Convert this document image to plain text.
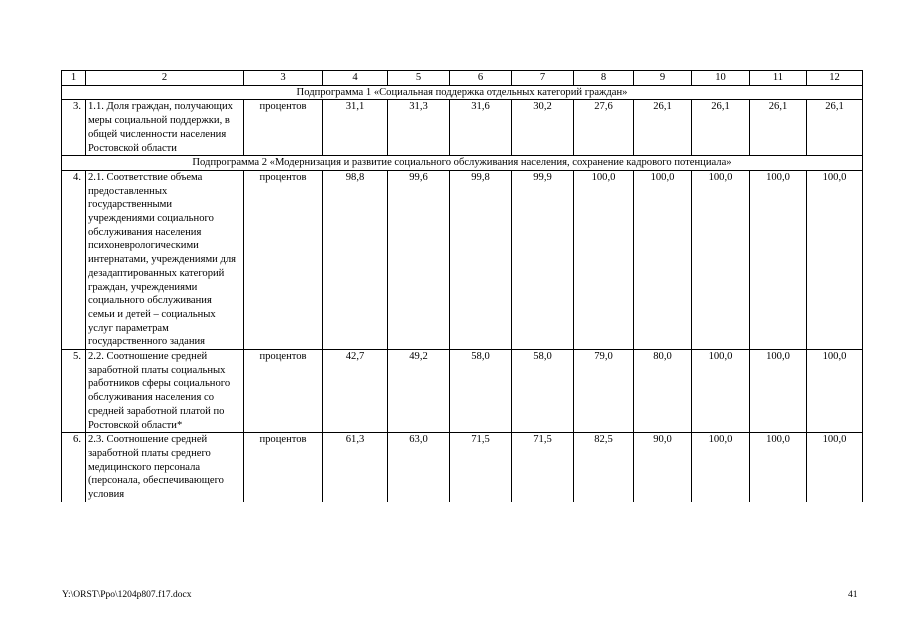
1	2	3	4	5	6	7	8	9	10	11	12
Подпрограмма 1 «Социальная поддержка отдельных категорий граждан»											
3.	1.1. Доля граждан, получающих меры социальной поддержки, в общей численности населения Ростовской области	процентов	31,1	31,3	31,6	30,2	27,6	26,1	26,1	26,1	26,1
Подпрограмма 2 «Модернизация и развитие социального обслуживания населения, сохранение кадрового потенциала»											
4.	2.1. Соответствие объема предоставленных государственными учреждениями социального обслуживания населения психоневрологическими интернатами, учреждениями для дезадаптированных категорий граждан, учреждениями социального обслуживания семьи и детей – социальных услуг параметрам государственного задания	процентов	98,8	99,6	99,8	99,9	100,0	100,0	100,0	100,0	100,0
5.	2.2. Соотношение средней заработной платы социальных работников сферы социального обслуживания населения со средней заработной платой по Ростовской области*	процентов	42,7	49,2	58,0	58,0	79,0	80,0	100,0	100,0	100,0
6.	2.3. Соотношение средней заработной платы среднего медицинского персонала (персонала, обеспечивающего условия	процентов	61,3	63,0	71,5	71,5	82,5	90,0	100,0	100,0	100,0
Y:\ORST\Ppo\1204p807.f17.docx	41
